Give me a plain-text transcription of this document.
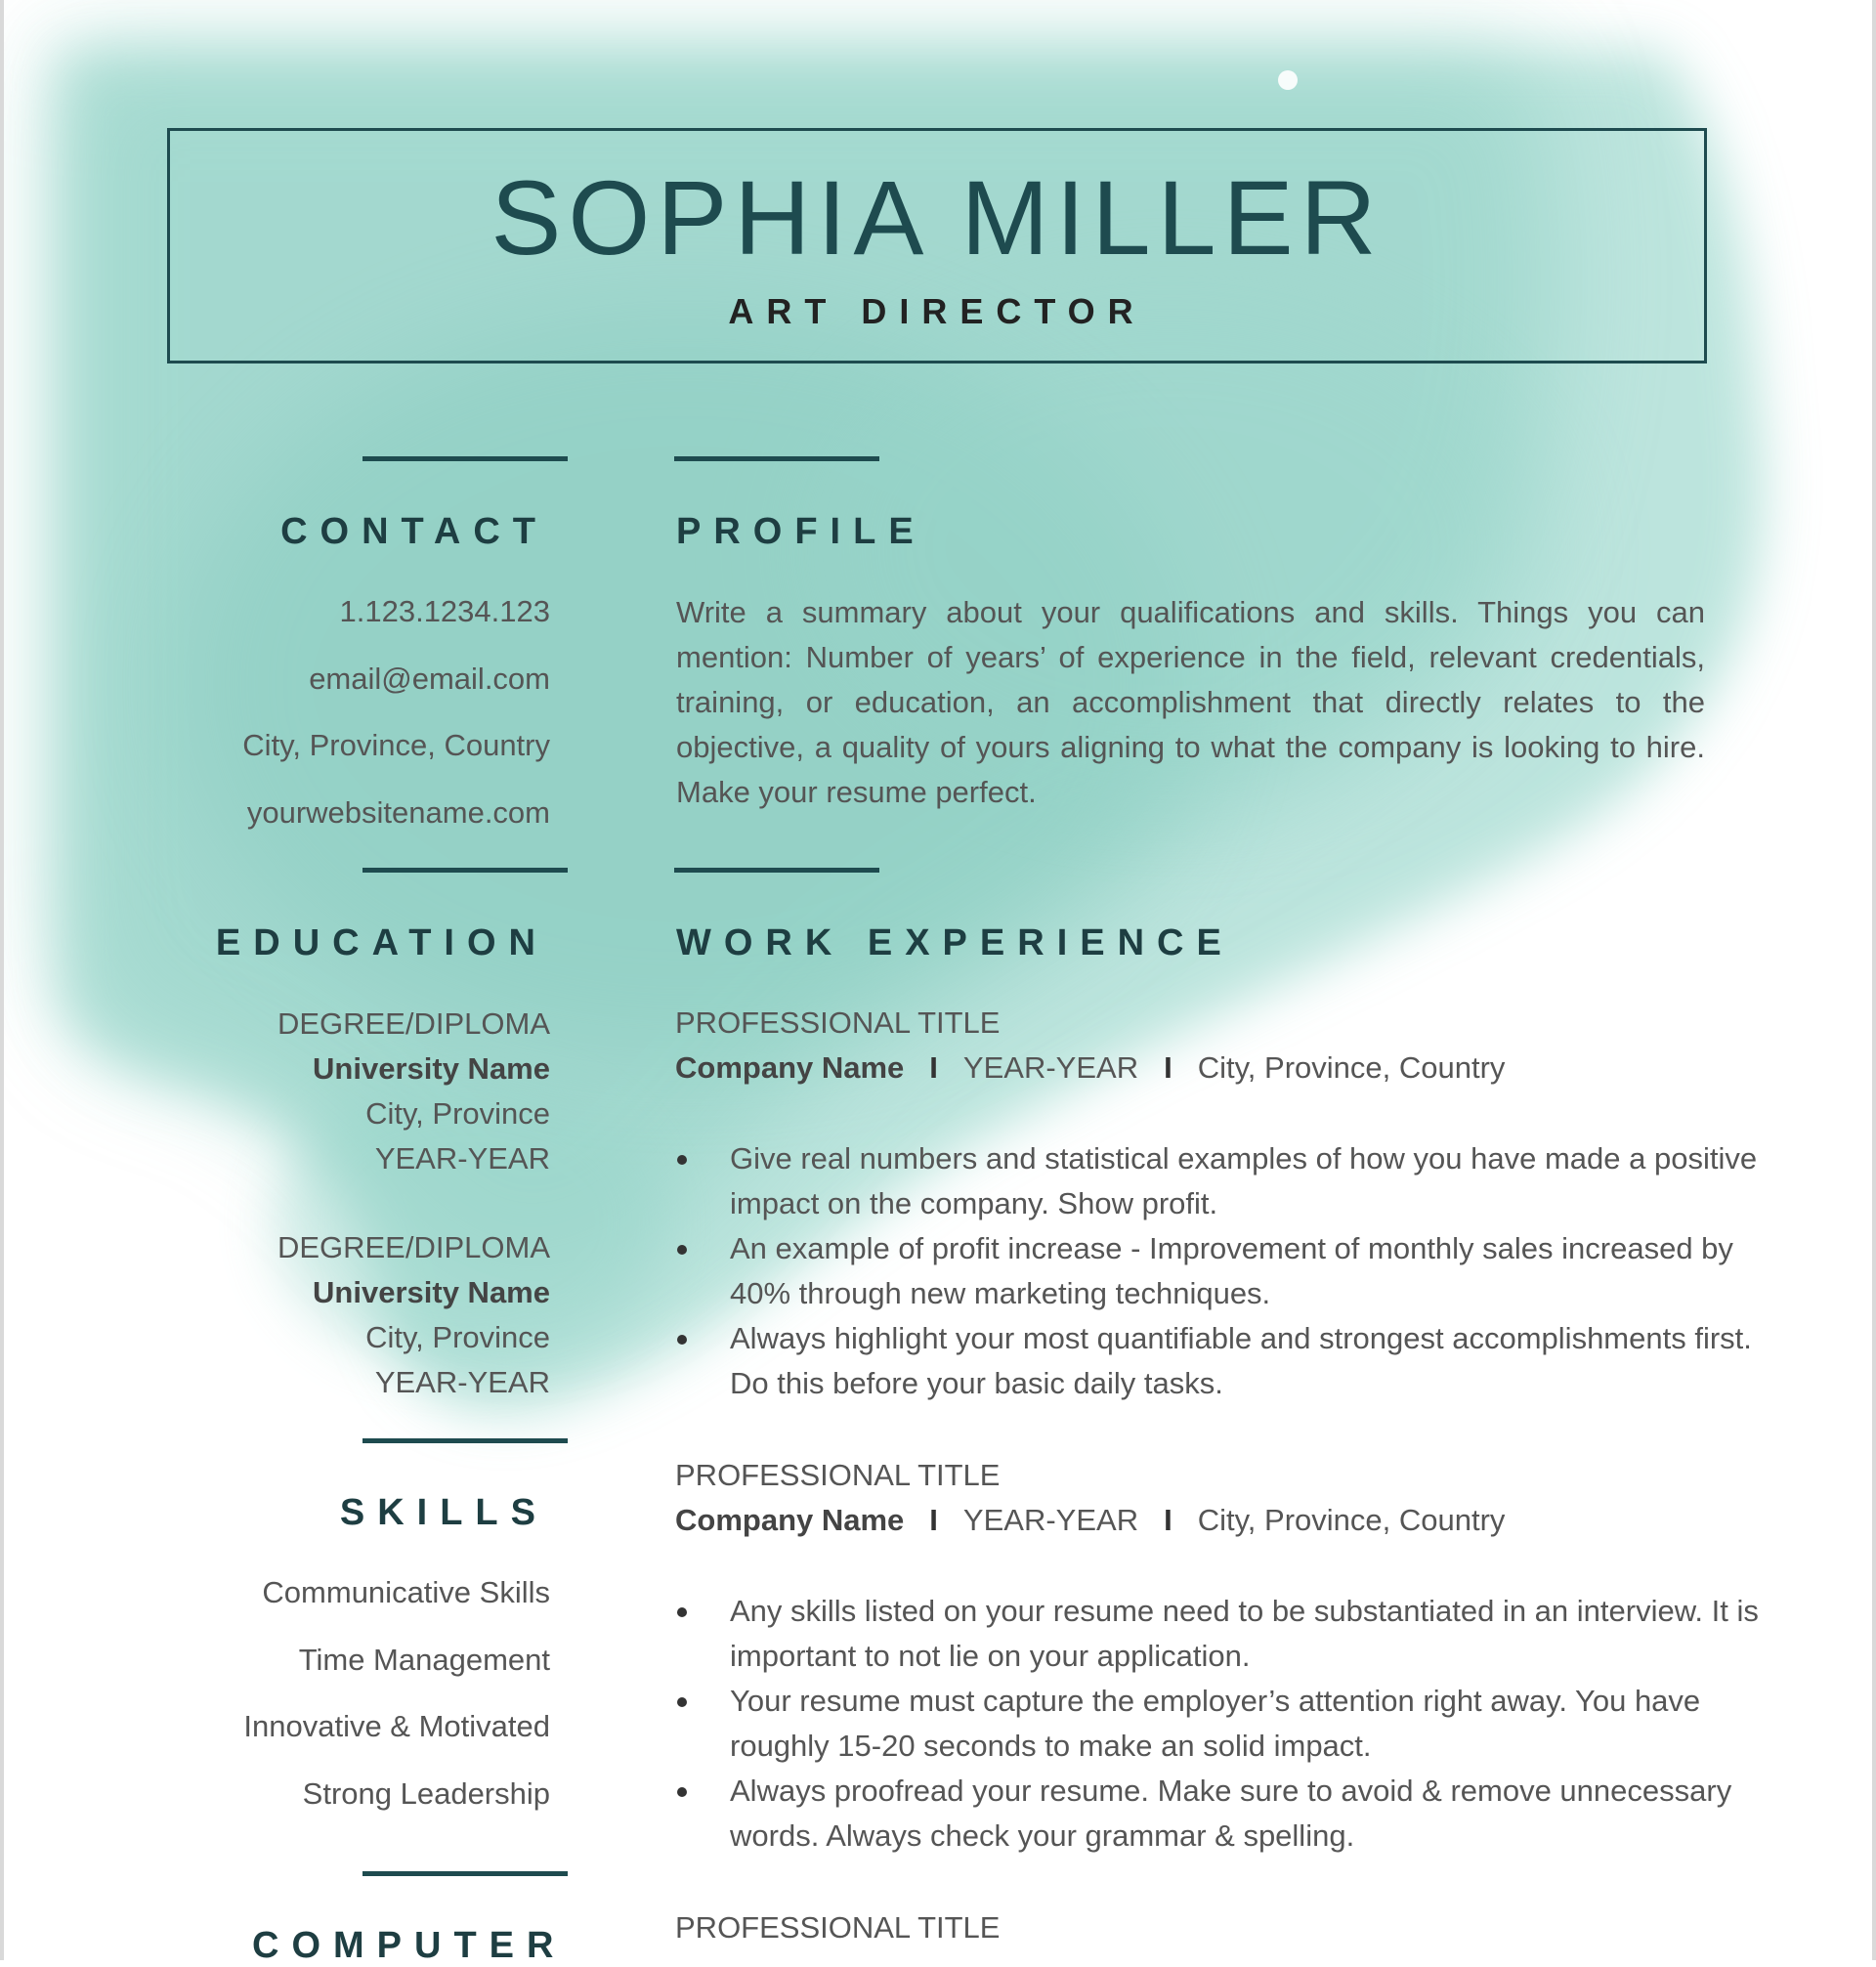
SOPHIA MILLER
ART DIRECTOR
CONTACT
1.123.1234.123
email@email.com
City, Province, Country
yourwebsitename.com
EDUCATION
DEGREE/DIPLOMA
University Name
City, Province
YEAR-YEAR
DEGREE/DIPLOMA
University Name
City, Province
YEAR-YEAR
SKILLS
Communicative Skills
Time Management
Innovative & Motivated
Strong Leadership
COMPUTER
PROFILE
Write a summary about your qualifications and skills. Things you can mention: Number of years’ of experience in the field, relevant credentials, training, or education, an accomplishment that directly relates to the objective, a quality of yours aligning to what the company is looking to hire. Make your resume perfect.
WORK EXPERIENCE
PROFESSIONAL TITLE
Company Name I YEAR-YEAR I City, Province, Country
Give real numbers and statistical examples of how you have made a positive impact on the company. Show profit.
An example of profit increase - Improvement of monthly sales increased by 40% through new marketing techniques.
Always highlight your most quantifiable and strongest accomplishments first. Do this before your basic daily tasks.
PROFESSIONAL TITLE
Company Name I YEAR-YEAR I City, Province, Country
Any skills listed on your resume need to be substantiated in an interview. It is important to not lie on your application.
Your resume must capture the employer’s attention right away. You have roughly 15-20 seconds to make an solid impact.
Always proofread your resume. Make sure to avoid & remove unnecessary words. Always check your grammar & spelling.
PROFESSIONAL TITLE
